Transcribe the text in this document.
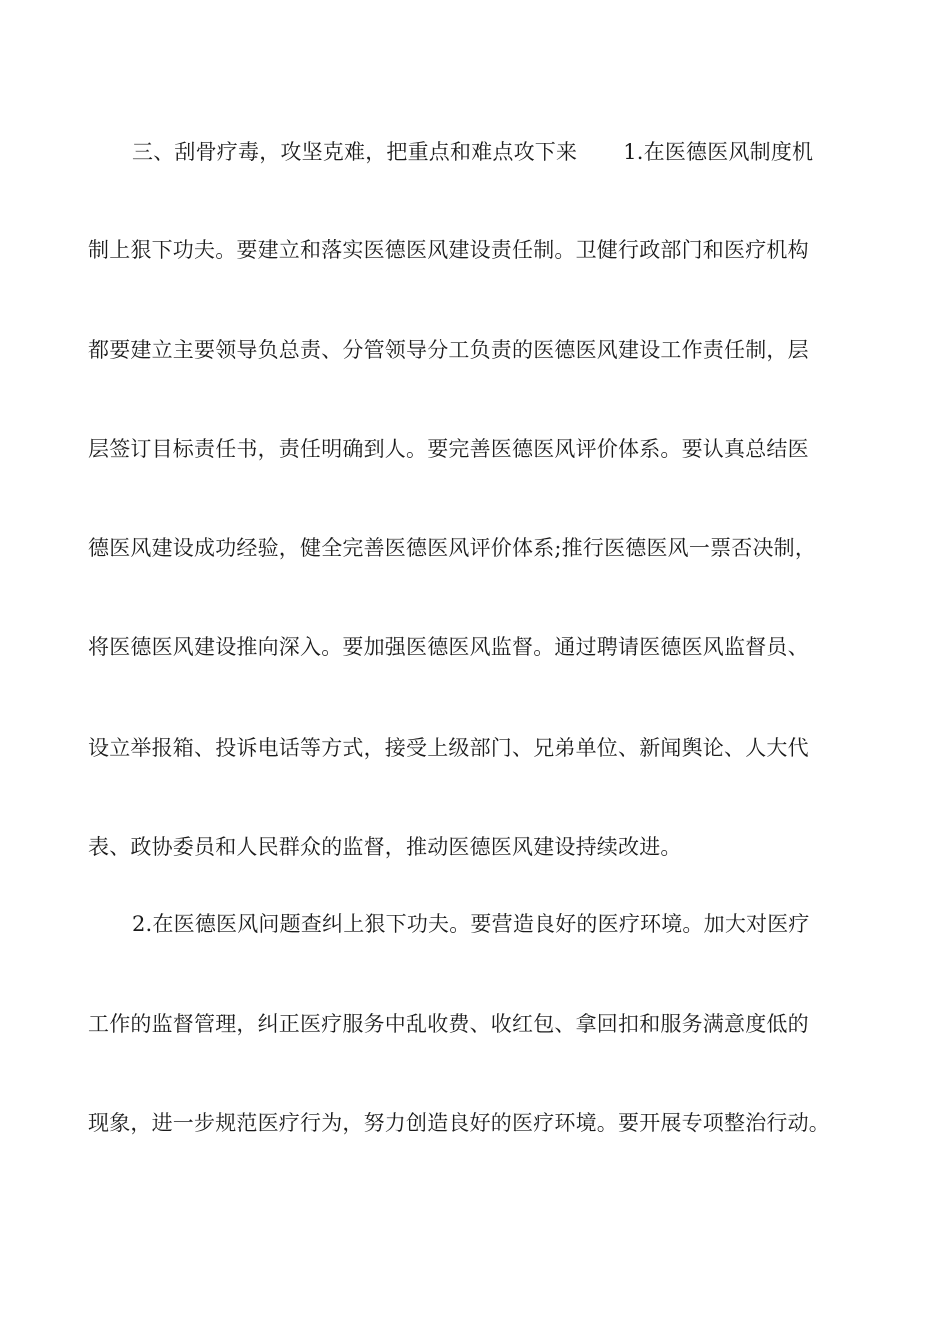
三、刮骨疗毒，攻坚克难，把重点和难点攻下来 1.在医德医风制度机
制上狠下功夫。要建立和落实医德医风建设责任制。卫健行政部门和医疗机构
都要建立主要领导负总责、分管领导分工负责的医德医风建设工作责任制，层
层签订目标责任书，责任明确到人。要完善医德医风评价体系。要认真总结医
德医风建设成功经验，健全完善医德医风评价体系;推行医德医风一票否决制，
将医德医风建设推向深入。要加强医德医风监督。通过聘请医德医风监督员、
设立举报箱、投诉电话等方式，接受上级部门、兄弟单位、新闻舆论、人大代
表、政协委员和人民群众的监督，推动医德医风建设持续改进。
2.在医德医风问题查纠上狠下功夫。要营造良好的医疗环境。加大对医疗
工作的监督管理，纠正医疗服务中乱收费、收红包、拿回扣和服务满意度低的
现象，进一步规范医疗行为，努力创造良好的医疗环境。要开展专项整治行动。
